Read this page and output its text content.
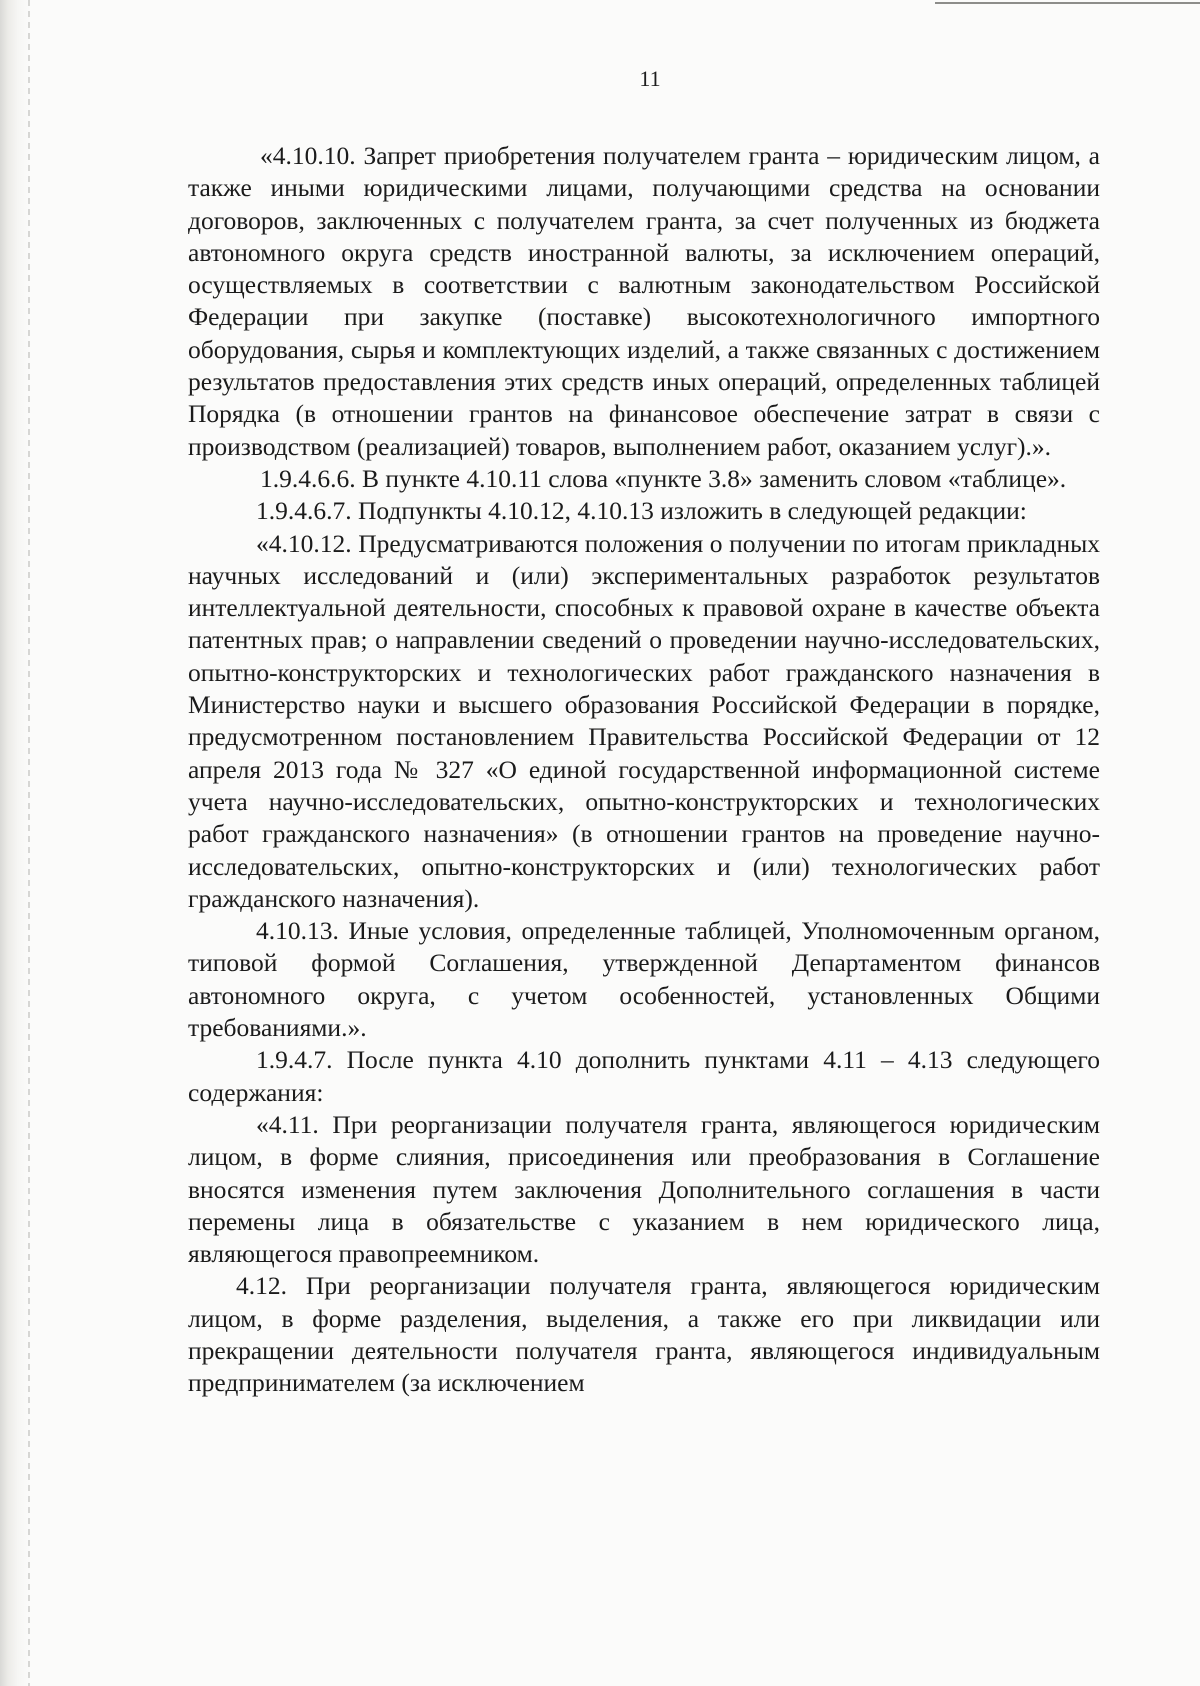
11

«4.10.10. Запрет приобретения получателем гранта – юридическим лицом, а также иными юридическими лицами, получающими средства на основании договоров, заключенных с получателем гранта, за счет полученных из бюджета автономного округа средств иностранной валюты, за исключением операций, осуществляемых в соответствии с валютным законодательством Российской Федерации при закупке (поставке) высокотехнологичного импортного оборудования, сырья и комплектующих изделий, а также связанных с достижением результатов предоставления этих средств иных операций, определенных таблицей Порядка (в отношении грантов на финансовое обеспечение затрат в связи с производством (реализацией) товаров, выполнением работ, оказанием услуг).».

1.9.4.6.6. В пункте 4.10.11 слова «пункте 3.8» заменить словом «таблице».

1.9.4.6.7. Подпункты 4.10.12, 4.10.13 изложить в следующей редакции:

«4.10.12. Предусматриваются положения о получении по итогам прикладных научных исследований и (или) экспериментальных разработок результатов интеллектуальной деятельности, способных к правовой охране в качестве объекта патентных прав; о направлении сведений о проведении научно-исследовательских, опытно-конструкторских и технологических работ гражданского назначения в Министерство науки и высшего образования Российской Федерации в порядке, предусмотренном постановлением Правительства Российской Федерации от 12 апреля 2013 года № 327 «О единой государственной информационной системе учета научно-исследовательских, опытно-конструкторских и технологических работ гражданского назначения» (в отношении грантов на проведение научно-исследовательских, опытно-конструкторских и (или) технологических работ гражданского назначения).

4.10.13. Иные условия, определенные таблицей, Уполномоченным органом, типовой формой Соглашения, утвержденной Департаментом финансов автономного округа, с учетом особенностей, установленных Общими требованиями.».

1.9.4.7. После пункта 4.10 дополнить пунктами 4.11 – 4.13 следующего содержания:

«4.11. При реорганизации получателя гранта, являющегося юридическим лицом, в форме слияния, присоединения или преобразования в Соглашение вносятся изменения путем заключения Дополнительного соглашения в части перемены лица в обязательстве с указанием в нем юридического лица, являющегося правопреемником.

4.12. При реорганизации получателя гранта, являющегося юридическим лицом, в форме разделения, выделения, а также его при ликвидации или прекращении деятельности получателя гранта, являющегося индивидуальным предпринимателем (за исключением
